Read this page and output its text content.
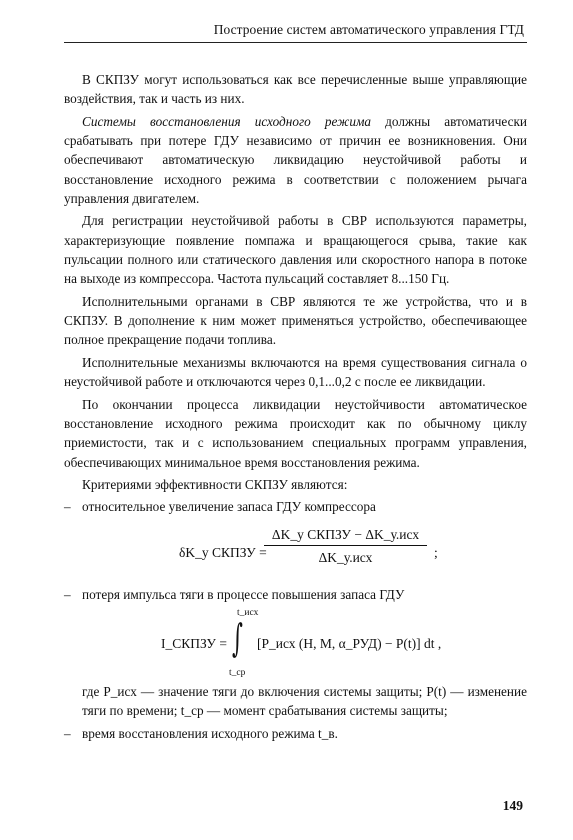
Построение систем автоматического управления ГТД

В СКПЗУ могут использоваться как все перечисленные выше управляющие воздействия, так и часть из них.

Системы восстановления исходного режима должны автоматически срабатывать при потере ГДУ независимо от причин ее возникновения. Они обеспечивают автоматическую ликвидацию неустойчивой работы и восстановление исходного режима в соответствии с положением рычага управления двигателем.

Для регистрации неустойчивой работы в СВР используются параметры, характеризующие появление помпажа и вращающегося срыва, такие как пульсации полного или статического давления или скоростного напора в потоке на выходе из компрессора. Частота пульсаций составляет 8...150 Гц.

Исполнительными органами в СВР являются те же устройства, что и в СКПЗУ. В дополнение к ним может применяться устройство, обеспечивающее полное прекращение подачи топлива.

Исполнительные механизмы включаются на время существования сигнала о неустойчивой работе и отключаются через 0,1...0,2 с после ее ликвидации.

По окончании процесса ликвидации неустойчивости автоматическое восстановление исходного режима происходит как по обычному циклу приемистости, так и с использованием специальных программ управления, обеспечивающих минимальное время восстановления режима.

Критериями эффективности СКПЗУ являются:

– относительное увеличение запаса ГДУ компрессора

δK_у СКПЗУ =
ΔK_у СКПЗУ − ΔK_у.исх
ΔK_у.исх	;

– потеря импульса тяги в процессе повышения запаса ГДУ

I_СКПЗУ =
t_исх
∫
t_ср
[P_исх (H, M, α_РУД) − P(t)] dt ,

где P_исх — значение тяги до включения системы защиты; P(t) — изменение тяги по времени; t_ср — момент срабатывания системы защиты;

– время восстановления исходного режима t_в.

149
